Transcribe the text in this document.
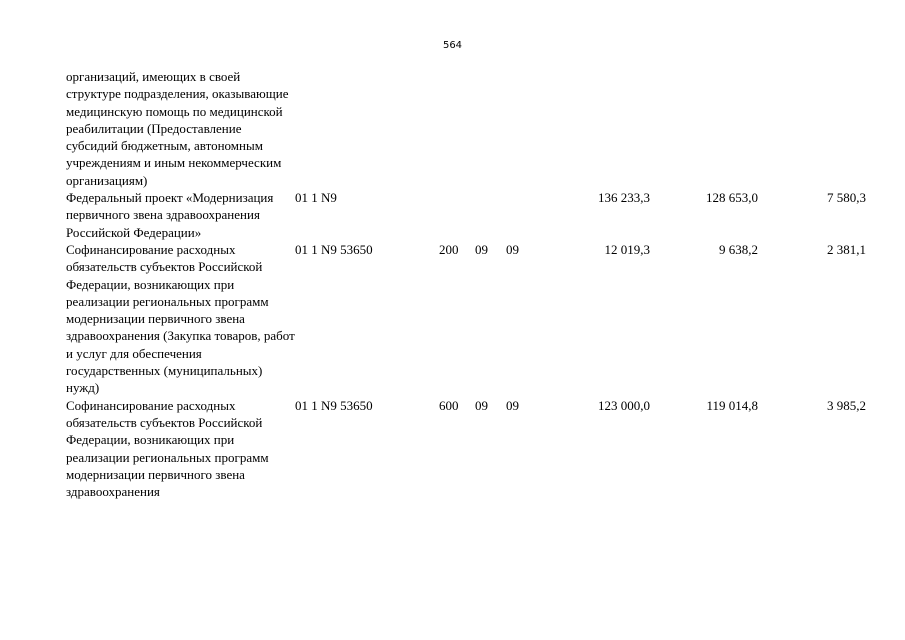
564
организаций, имеющих в своей структуре подразделения, оказывающие медицинскую помощь по медицинской реабилитации (Предоставление субсидий бюджетным, автономным учреждениям и иным некоммерческим организациям)							
Федеральный проект «Модернизация первичного звена здравоохранения Российской Федерации»	01 1 N9				136 233,3	128 653,0	7 580,3
Софинансирование расходных обязательств субъектов Российской Федерации, возникающих при реализации региональных программ модернизации первичного звена здравоохранения (Закупка товаров, работ и услуг для обеспечения государственных (муниципальных) нужд)	01 1 N9 53650	200	09	09	12 019,3	9 638,2	2 381,1
Софинансирование расходных обязательств субъектов Российской Федерации, возникающих при реализации региональных программ модернизации первичного звена здравоохранения	01 1 N9 53650	600	09	09	123 000,0	119 014,8	3 985,2
